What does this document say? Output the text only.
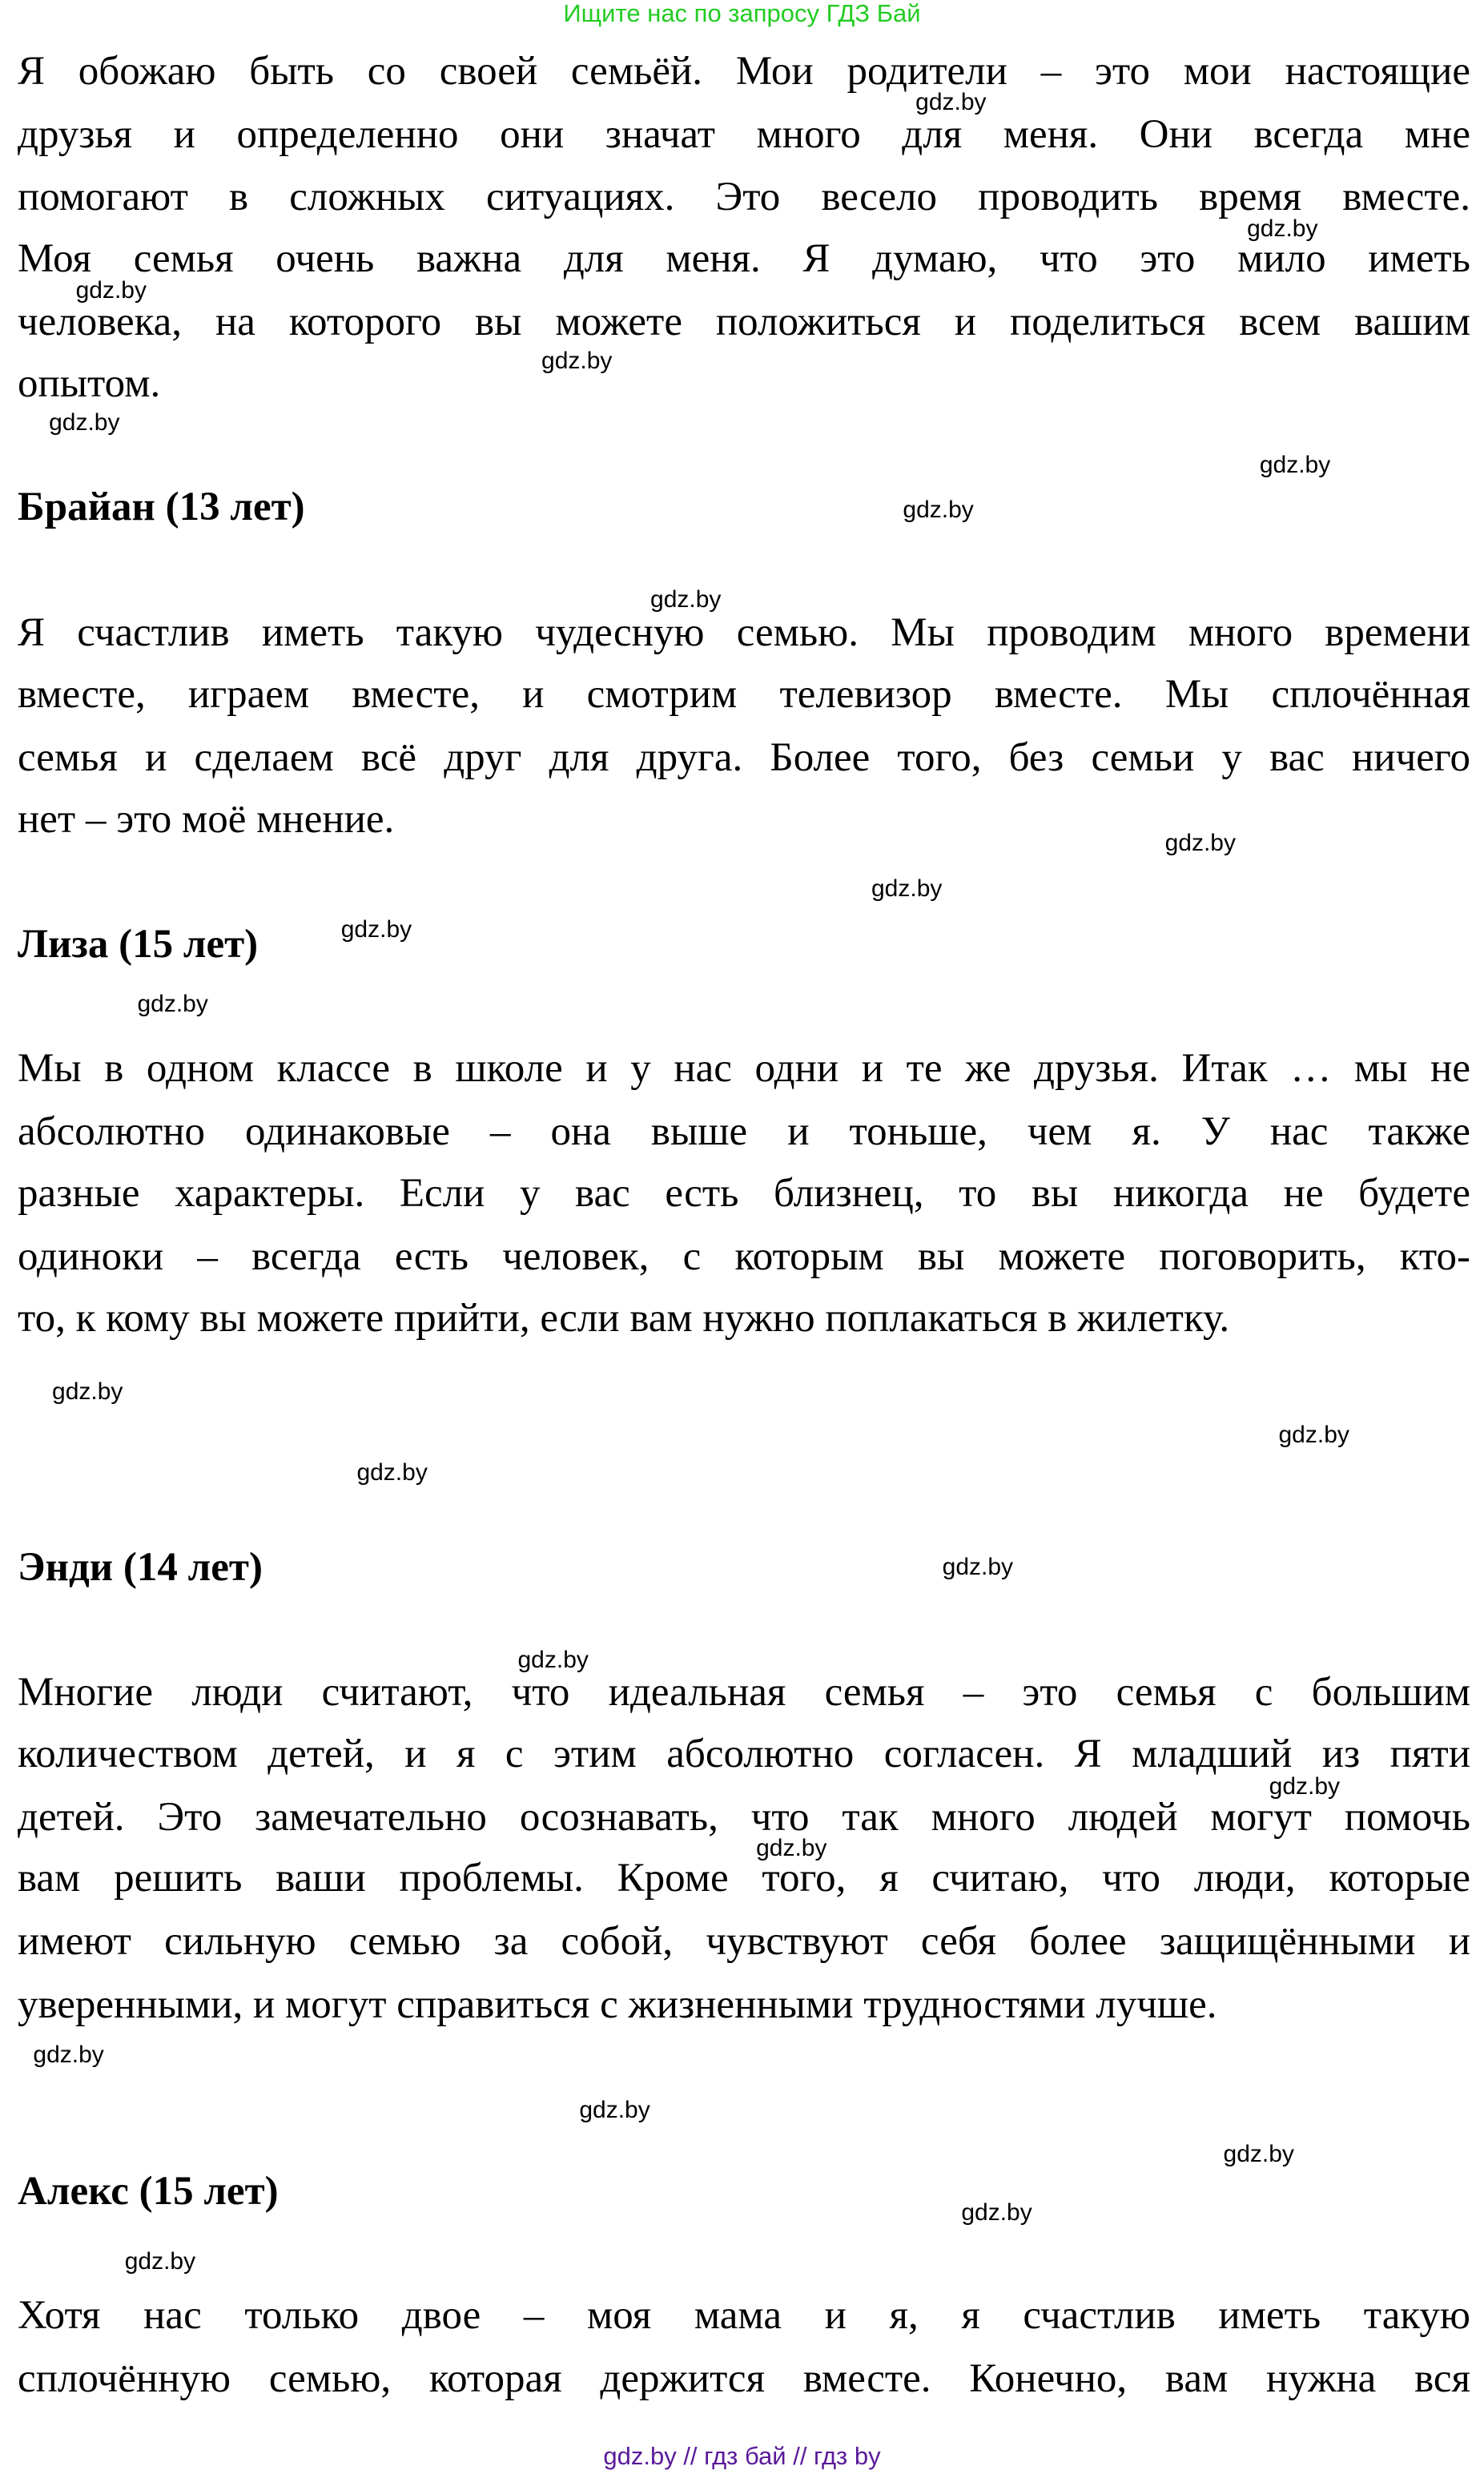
Ищите нас по запросу ГДЗ Бай
Я обожаю быть со своей семьёй. Мои родители – это мои настоящие
друзья и определенно они значат много для меня. Они всегда мне
помогают в сложных ситуациях. Это весело проводить время вместе.
Моя семья очень важна для меня. Я думаю, что это мило иметь
человека, на которого вы можете положиться и поделиться всем вашим
опытом.
Брайан (13 лет)
Я счастлив иметь такую чудесную семью. Мы проводим много времени
вместе, играем вместе, и смотрим телевизор вместе. Мы сплочённая
семья и сделаем всё друг для друга. Более того, без семьи у вас ничего
нет – это моё мнение.
Лиза (15 лет)
Мы в одном классе в школе и у нас одни и те же друзья. Итак … мы не
абсолютно одинаковые – она выше и тоньше, чем я. У нас также
разные характеры. Если у вас есть близнец, то вы никогда не будете
одиноки – всегда есть человек, с которым вы можете поговорить, кто-
то, к кому вы можете прийти, если вам нужно поплакаться в жилетку.
Энди (14 лет)
Многие люди считают, что идеальная семья – это семья с большим
количеством детей, и я с этим абсолютно согласен. Я младший из пяти
детей. Это замечательно осознавать, что так много людей могут помочь
вам решить ваши проблемы. Кроме того, я считаю, что люди, которые
имеют сильную семью за собой, чувствуют себя более защищёнными и
уверенными, и могут справиться с жизненными трудностями лучше.
Алекс (15 лет)
Хотя нас только двое – моя мама и я, я счастлив иметь такую
сплочённую семью, которая держится вместе. Конечно, вам нужна вся
gdz.by
gdz.by
gdz.by
gdz.by
gdz.by
gdz.by
gdz.by
gdz.by
gdz.by
gdz.by
gdz.by
gdz.by
gdz.by
gdz.by
gdz.by
gdz.by
gdz.by
gdz.by
gdz.by
gdz.by
gdz.by
gdz.by
gdz.by
gdz.by
gdz.by // гдз бай // гдз by
